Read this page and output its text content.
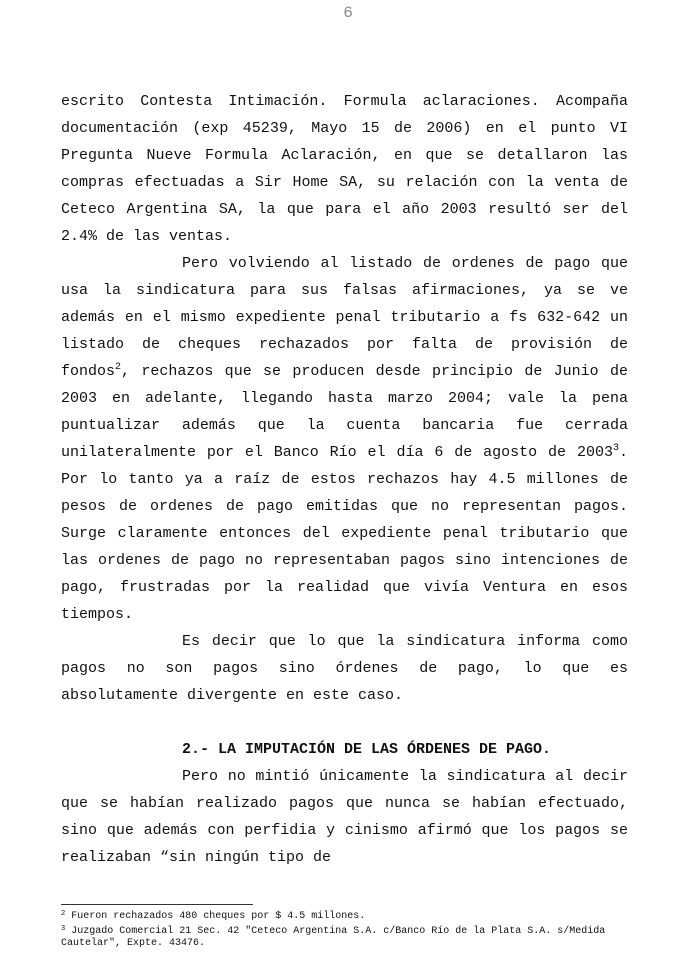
6

escrito Contesta Intimación. Formula aclaraciones. Acompaña documentación (exp 45239, Mayo 15 de 2006) en el punto VI Pregunta Nueve Formula Aclaración, en que se detallaron las compras efectuadas a Sir Home SA, su relación con la venta de Ceteco Argentina SA, la que para el año 2003 resultó ser del 2.4% de las ventas.

Pero volviendo al listado de ordenes de pago que usa la sindicatura para sus falsas afirmaciones, ya se ve además en el mismo expediente penal tributario a fs 632-642 un listado de cheques rechazados por falta de provisión de fondos$^2$, rechazos que se producen desde principio de Junio de 2003 en adelante, llegando hasta marzo 2004; vale la pena puntualizar además que la cuenta bancaria fue cerrada unilateralmente por el Banco Río el día 6 de agosto de 2003$^3$. Por lo tanto ya a raíz de estos rechazos hay 4.5 millones de pesos de ordenes de pago emitidas que no representan pagos. Surge claramente entonces del expediente penal tributario que las ordenes de pago no representaban pagos sino intenciones de pago, frustradas por la realidad que vivía Ventura en esos tiempos.

Es decir que lo que la sindicatura informa como pagos no son pagos sino órdenes de pago, lo que es absolutamente divergente en este caso.

2.- LA IMPUTACIÓN DE LAS ÓRDENES DE PAGO.

Pero no mintió únicamente la sindicatura al decir que se habían realizado pagos que nunca se habían efectuado, sino que además con perfidia y cinismo afirmó que los pagos se realizaban “sin ningún tipo de

$^2$ Fueron rechazados 480 cheques por $ 4.5 millones.

$^3$ Juzgado Comercial 21 Sec. 42 "Ceteco Argentina S.A. c/Banco Río de la Plata S.A. s/Medida Cautelar", Expte. 43476.
